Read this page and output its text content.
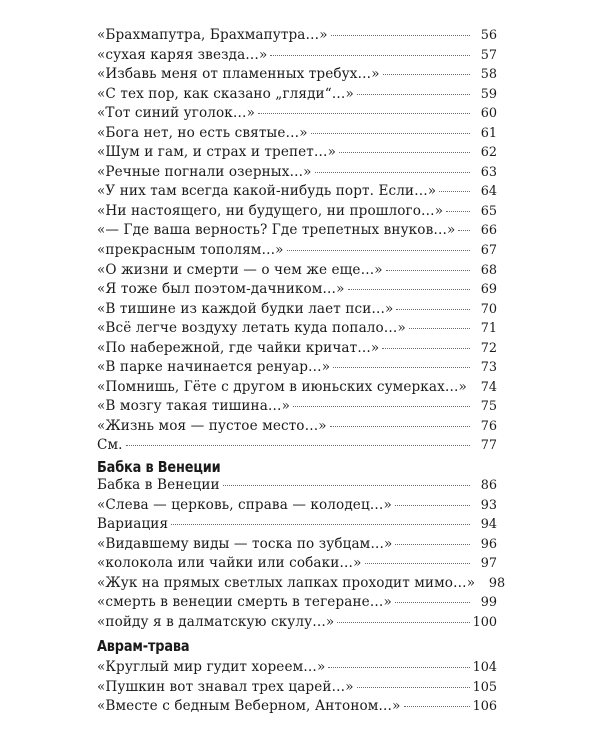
«Брахмапутра, Брахмапутра…»	56
«сухая каряя звезда…»	57
«Избавь меня от пламенных требух…»	58
«С тех пор, как сказано „гляди“…»	59
«Тот синий уголок…»	60
«Бога нет, но есть святые…»	61
«Шум и гам, и страх и трепет…»	62
«Речные погнали озерных…»	63
«У них там всегда какой-нибудь порт. Если…»	64
«Ни настоящего, ни будущего, ни прошлого…»	65
«— Где ваша верность? Где трепетных внуков…»	66
«прекрасным тополям…»	67
«О жизни и смерти — о чем же еще…»	68
«Я тоже был поэтом-дачником…»	69
«В тишине из каждой будки лает пси…»	70
«Всё легче воздуху летать куда попало…»	71
«По набережной, где чайки кричат…»	72
«В парке начинается ренуар…»	73
«Помнишь, Гёте с другом в июньских сумерках…»	74
«В мозгу такая тишина…»	75
«Жизнь моя — пустое место…»	76
См.	77
Бабка в Венеции
Бабка в Венеции	86
«Слева — церковь, справа — колодец…»	93
Вариация	94
«Видавшему виды — тоска по зубцам…»	96
«колокола или чайки или собаки…»	97
«Жук на прямых светлых лапках проходит мимо…»	98
«смерть в венеции смерть в тегеране…»	99
«пойду я в далматскую скулу…»	100
Аврам-трава
«Круглый мир гудит хореем…»	104
«Пушкин вот знавал трех царей…»	105
«Вместе с бедным Веберном, Антоном…»	106
